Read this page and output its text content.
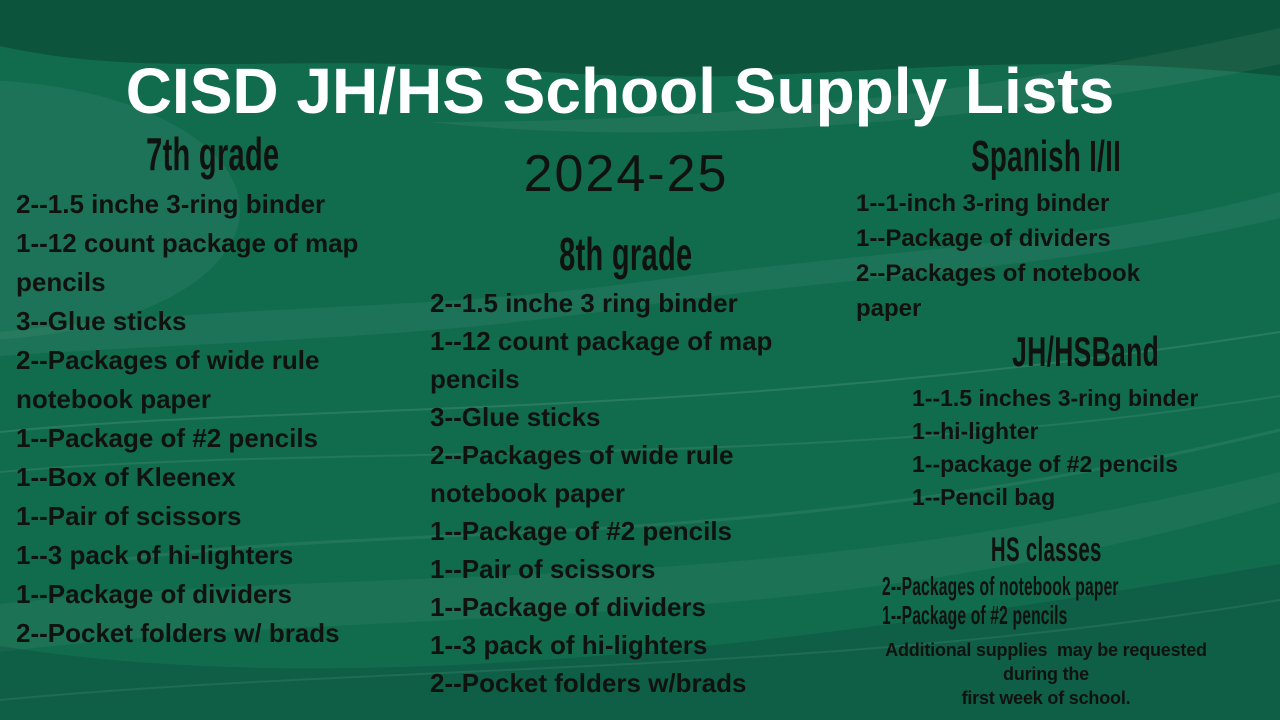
CISD JH/HS School Supply Lists
7th grade
2--1.5 inche 3-ring binder
1--12 count package of map pencils
3--Glue sticks
2--Packages of wide rule notebook paper
1--Package of #2 pencils
1--Box of Kleenex
1--Pair of scissors
1--3 pack of hi-lighters
1--Package of dividers
2--Pocket folders w/ brads
2024-25
8th grade
2--1.5 inche 3 ring binder
1--12 count package of map pencils
3--Glue sticks
2--Packages of wide rule notebook paper
1--Package of #2 pencils
1--Pair of scissors
1--Package of dividers
1--3 pack of hi-lighters
2--Pocket folders w/brads
Spanish I/II
1--1-inch 3-ring binder
1--Package of dividers
2--Packages of notebook paper
JH/HSBand
1--1.5 inches 3-ring binder
1--hi-lighter
1--package of #2 pencils
1--Pencil bag
HS classes
2--Packages of notebook paper
1--Package of #2 pencils
Additional supplies  may be requested
during the
first week of school.
